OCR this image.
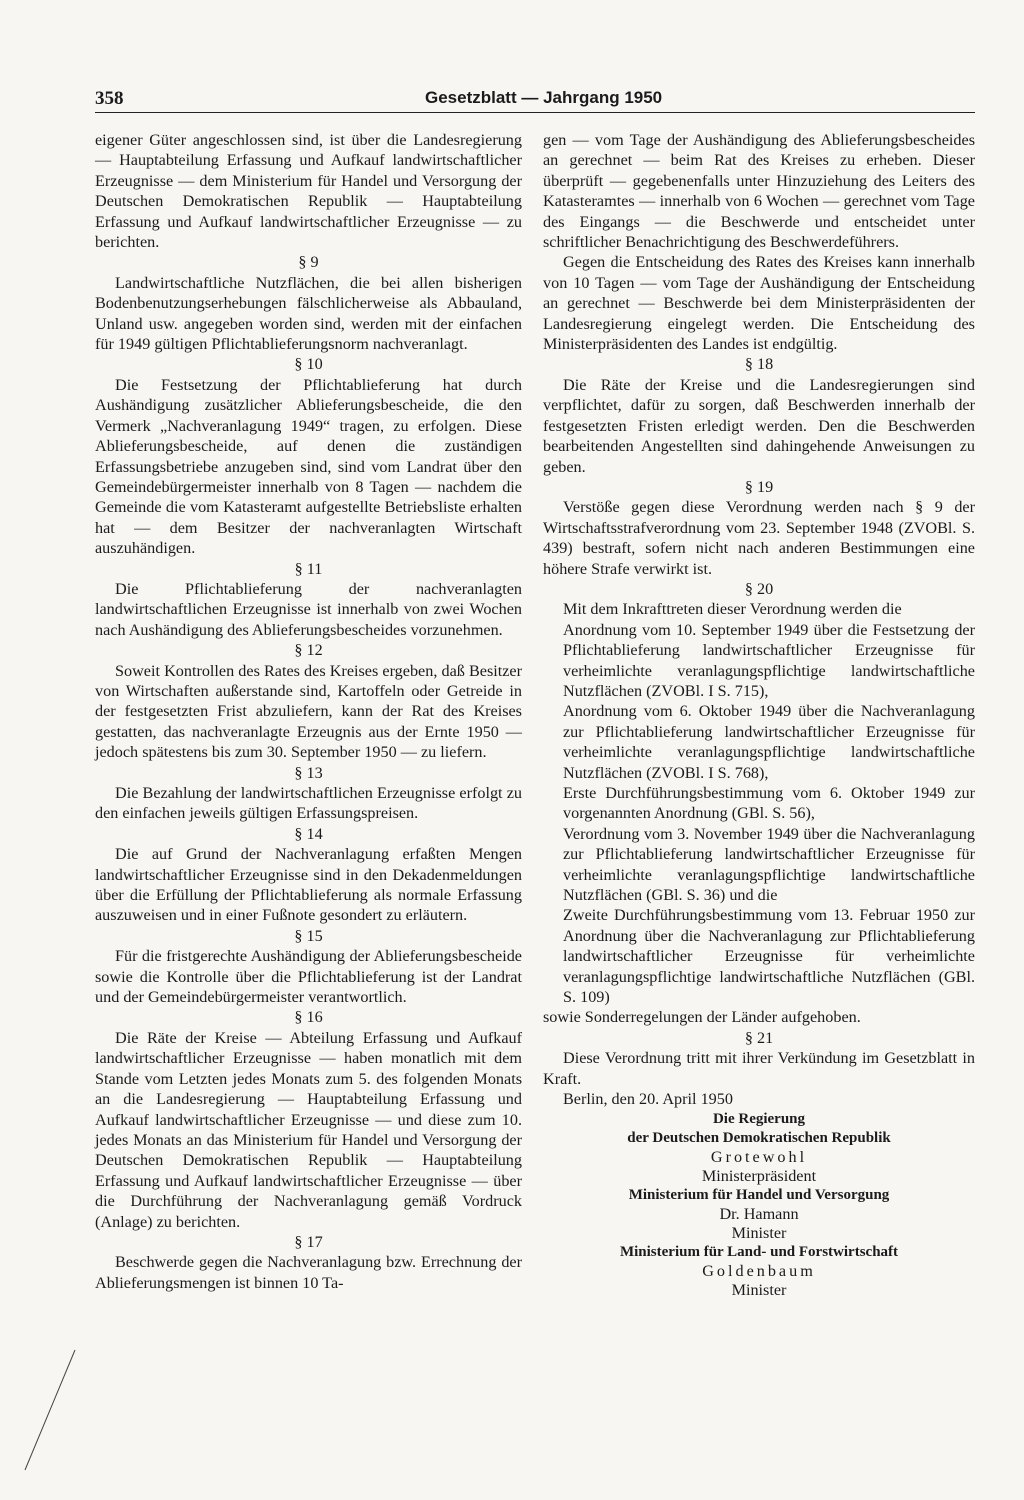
358	Gesetzblatt — Jahrgang 1950

eigener Güter angeschlossen sind, ist über die Landesregierung — Hauptabteilung Erfassung und Aufkauf landwirtschaftlicher Erzeugnisse — dem Ministerium für Handel und Versorgung der Deutschen Demokratischen Republik — Hauptabteilung Erfassung und Aufkauf landwirtschaftlicher Erzeugnisse — zu berichten.

§ 9

Landwirtschaftliche Nutzflächen, die bei allen bisherigen Bodenbenutzungserhebungen fälschlicherweise als Abbauland, Unland usw. angegeben worden sind, werden mit der einfachen für 1949 gültigen Pflichtablieferungsnorm nachveranlagt.

§ 10

Die Festsetzung der Pflichtablieferung hat durch Aushändigung zusätzlicher Ablieferungsbescheide, die den Vermerk „Nachveranlagung 1949“ tragen, zu erfolgen. Diese Ablieferungsbescheide, auf denen die zuständigen Erfassungsbetriebe anzugeben sind, sind vom Landrat über den Gemeindebürgermeister innerhalb von 8 Tagen — nachdem die Gemeinde die vom Katasteramt aufgestellte Betriebsliste erhalten hat — dem Besitzer der nachveranlagten Wirtschaft auszuhändigen.

§ 11

Die Pflichtablieferung der nachveranlagten landwirtschaftlichen Erzeugnisse ist innerhalb von zwei Wochen nach Aushändigung des Ablieferungsbescheides vorzunehmen.

§ 12

Soweit Kontrollen des Rates des Kreises ergeben, daß Besitzer von Wirtschaften außerstande sind, Kartoffeln oder Getreide in der festgesetzten Frist abzuliefern, kann der Rat des Kreises gestatten, das nachveranlagte Erzeugnis aus der Ernte 1950 — jedoch spätestens bis zum 30. September 1950 — zu liefern.

§ 13

Die Bezahlung der landwirtschaftlichen Erzeugnisse erfolgt zu den einfachen jeweils gültigen Erfassungspreisen.

§ 14

Die auf Grund der Nachveranlagung erfaßten Mengen landwirtschaftlicher Erzeugnisse sind in den Dekadenmeldungen über die Erfüllung der Pflichtablieferung als normale Erfassung auszuweisen und in einer Fußnote gesondert zu erläutern.

§ 15

Für die fristgerechte Aushändigung der Ablieferungsbescheide sowie die Kontrolle über die Pflichtablieferung ist der Landrat und der Gemeindebürgermeister verantwortlich.

§ 16

Die Räte der Kreise — Abteilung Erfassung und Aufkauf landwirtschaftlicher Erzeugnisse — haben monatlich mit dem Stande vom Letzten jedes Monats zum 5. des folgenden Monats an die Landesregierung — Hauptabteilung Erfassung und Aufkauf landwirtschaftlicher Erzeugnisse — und diese zum 10. jedes Monats an das Ministerium für Handel und Versorgung der Deutschen Demokratischen Republik — Hauptabteilung Erfassung und Aufkauf landwirtschaftlicher Erzeugnisse — über die Durchführung der Nachveranlagung gemäß Vordruck (Anlage) zu berichten.

§ 17

Beschwerde gegen die Nachveranlagung bzw. Errechnung der Ablieferungsmengen ist binnen 10 Ta-

gen — vom Tage der Aushändigung des Ablieferungsbescheides an gerechnet — beim Rat des Kreises zu erheben. Dieser überprüft — gegebenenfalls unter Hinzuziehung des Leiters des Katasteramtes — innerhalb von 6 Wochen — gerechnet vom Tage des Eingangs — die Beschwerde und entscheidet unter schriftlicher Benachrichtigung des Beschwerdeführers.

Gegen die Entscheidung des Rates des Kreises kann innerhalb von 10 Tagen — vom Tage der Aushändigung der Entscheidung an gerechnet — Beschwerde bei dem Ministerpräsidenten der Landesregierung eingelegt werden. Die Entscheidung des Ministerpräsidenten des Landes ist endgültig.

§ 18

Die Räte der Kreise und die Landesregierungen sind verpflichtet, dafür zu sorgen, daß Beschwerden innerhalb der festgesetzten Fristen erledigt werden. Den die Beschwerden bearbeitenden Angestellten sind dahingehende Anweisungen zu geben.

§ 19

Verstöße gegen diese Verordnung werden nach § 9 der Wirtschaftsstrafverordnung vom 23. September 1948 (ZVOBl. S. 439) bestraft, sofern nicht nach anderen Bestimmungen eine höhere Strafe verwirkt ist.

§ 20

Mit dem Inkrafttreten dieser Verordnung werden die

Anordnung vom 10. September 1949 über die Festsetzung der Pflichtablieferung landwirtschaftlicher Erzeugnisse für verheimlichte veranlagungspflichtige landwirtschaftliche Nutzflächen (ZVOBl. I S. 715),

Anordnung vom 6. Oktober 1949 über die Nachveranlagung zur Pflichtablieferung landwirtschaftlicher Erzeugnisse für verheimlichte veranlagungspflichtige landwirtschaftliche Nutzflächen (ZVOBl. I S. 768),

Erste Durchführungsbestimmung vom 6. Oktober 1949 zur vorgenannten Anordnung (GBl. S. 56),

Verordnung vom 3. November 1949 über die Nachveranlagung zur Pflichtablieferung landwirtschaftlicher Erzeugnisse für verheimlichte veranlagungspflichtige landwirtschaftliche Nutzflächen (GBl. S. 36) und die

Zweite Durchführungsbestimmung vom 13. Februar 1950 zur Anordnung über die Nachveranlagung zur Pflichtablieferung landwirtschaftlicher Erzeugnisse für verheimlichte veranlagungspflichtige landwirtschaftliche Nutzflächen (GBl. S. 109)

sowie Sonderregelungen der Länder aufgehoben.

§ 21

Diese Verordnung tritt mit ihrer Verkündung im Gesetzblatt in Kraft.

Berlin, den 20. April 1950

Die Regierung
der Deutschen Demokratischen Republik
Grotewohl
Ministerpräsident
Ministerium für Handel und Versorgung
Dr. Hamann
Minister
Ministerium für Land- und Forstwirtschaft
Goldenbaum
Minister
